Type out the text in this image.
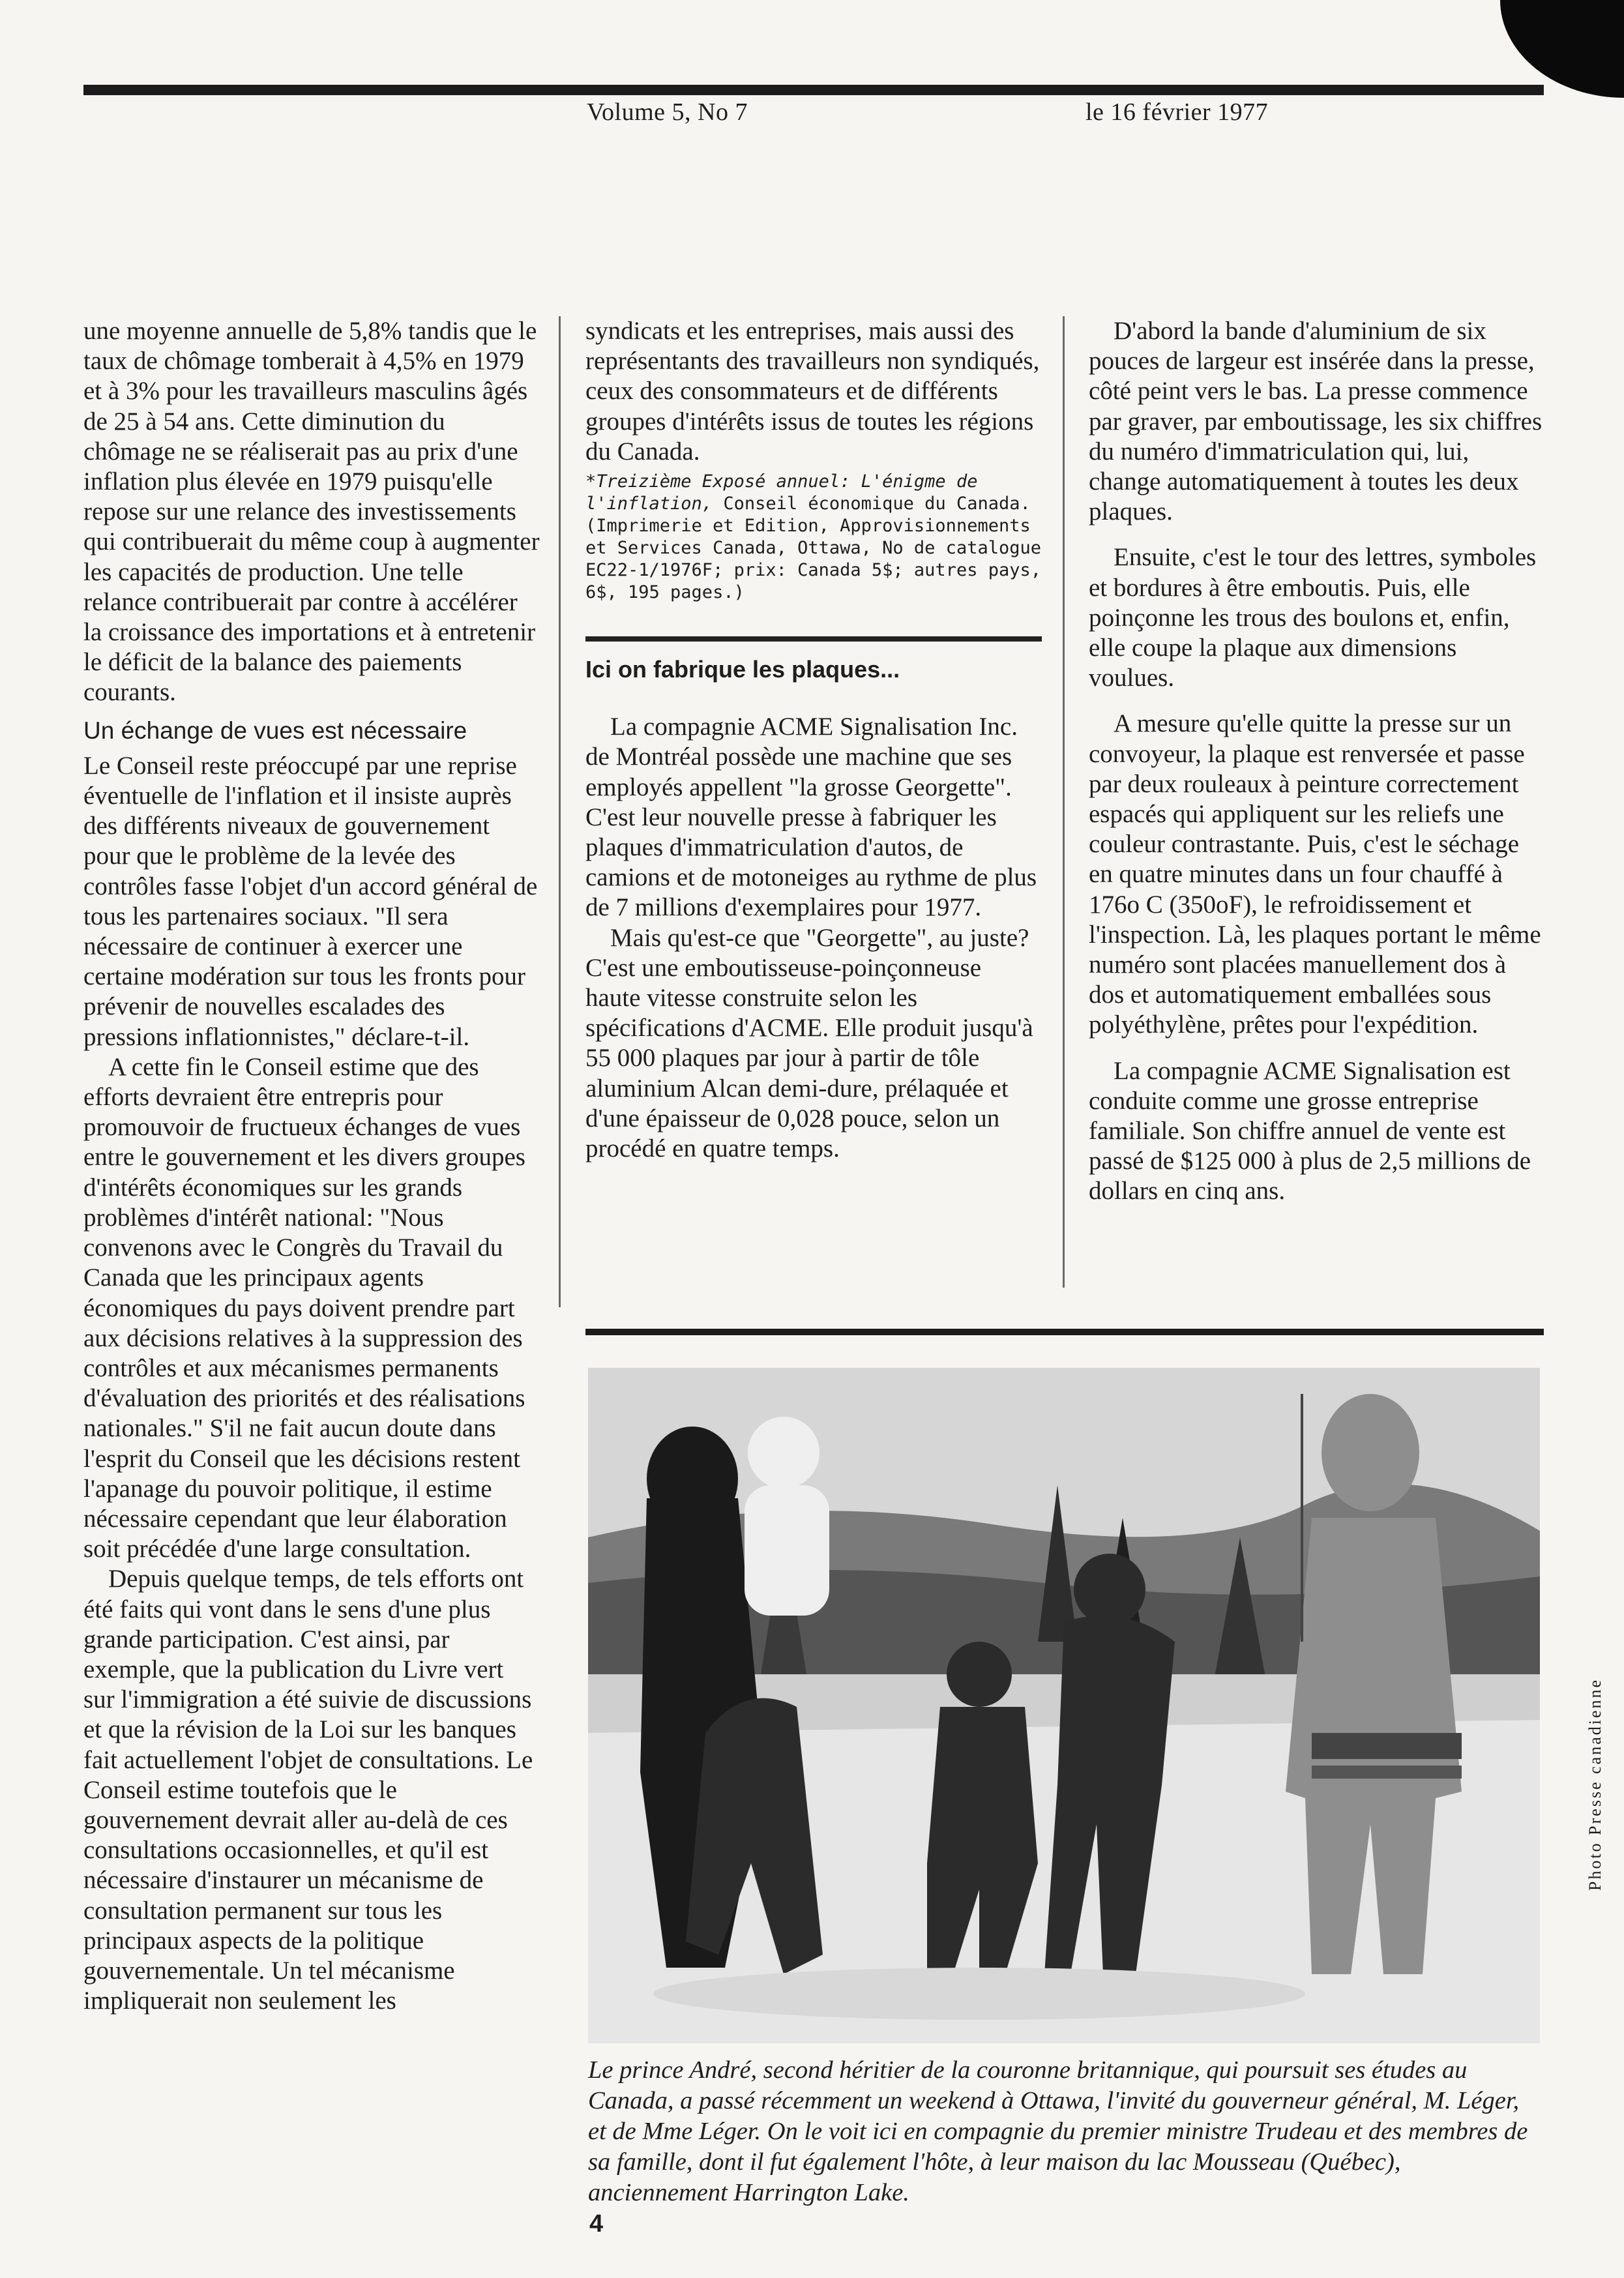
Volume 5, No 7	le 16 février 1977

une moyenne annuelle de 5,8% tandis que le taux de chômage tomberait à 4,5% en 1979 et à 3% pour les travailleurs masculins âgés de 25 à 54 ans. Cette diminution du chômage ne se réaliserait pas au prix d'une inflation plus élevée en 1979 puisqu'elle repose sur une relance des investissements qui contribuerait du même coup à augmenter les capacités de production. Une telle relance contribuerait par contre à accélérer la croissance des importations et à entretenir le déficit de la balance des paiements courants.

Un échange de vues est nécessaire

Le Conseil reste préoccupé par une reprise éventuelle de l'inflation et il insiste auprès des différents niveaux de gouvernement pour que le problème de la levée des contrôles fasse l'objet d'un accord général de tous les partenaires sociaux. "Il sera nécessaire de continuer à exercer une certaine modération sur tous les fronts pour prévenir de nouvelles escalades des pressions inflationnistes," déclare-t-il.

A cette fin le Conseil estime que des efforts devraient être entrepris pour promouvoir de fructueux échanges de vues entre le gouvernement et les divers groupes d'intérêts économiques sur les grands problèmes d'intérêt national: "Nous convenons avec le Congrès du Travail du Canada que les principaux agents économiques du pays doivent prendre part aux décisions relatives à la suppression des contrôles et aux mécanismes permanents d'évaluation des priorités et des réalisations nationales." S'il ne fait aucun doute dans l'esprit du Conseil que les décisions restent l'apanage du pouvoir politique, il estime nécessaire cependant que leur élaboration soit précédée d'une large consultation.

Depuis quelque temps, de tels efforts ont été faits qui vont dans le sens d'une plus grande participation. C'est ainsi, par exemple, que la publication du Livre vert sur l'immigration a été suivie de discussions et que la révision de la Loi sur les banques fait actuellement l'objet de consultations. Le Conseil estime toutefois que le gouvernement devrait aller au-delà de ces consultations occasionnelles, et qu'il est nécessaire d'instaurer un mécanisme de consultation permanent sur tous les principaux aspects de la politique gouvernementale. Un tel mécanisme impliquerait non seulement les

syndicats et les entreprises, mais aussi des représentants des travailleurs non syndiqués, ceux des consommateurs et de différents groupes d'intérêts issus de toutes les régions du Canada.

*Treizième Exposé annuel: L'énigme de l'inflation, Conseil économique du Canada. (Imprimerie et Edition, Approvisionnements et Services Canada, Ottawa, No de catalogue EC22-1/1976F; prix: Canada 5$; autres pays, 6$, 195 pages.)
Ici on fabrique les plaques...

La compagnie ACME Signalisation Inc. de Montréal possède une machine que ses employés appellent "la grosse Georgette". C'est leur nouvelle presse à fabriquer les plaques d'immatriculation d'autos, de camions et de motoneiges au rythme de plus de 7 millions d'exemplaires pour 1977.

Mais qu'est-ce que "Georgette", au juste? C'est une emboutisseuse-poinçonneuse haute vitesse construite selon les spécifications d'ACME. Elle produit jusqu'à 55 000 plaques par jour à partir de tôle aluminium Alcan demi-dure, prélaquée et d'une épaisseur de 0,028 pouce, selon un procédé en quatre temps.

D'abord la bande d'aluminium de six pouces de largeur est insérée dans la presse, côté peint vers le bas. La presse commence par graver, par emboutissage, les six chiffres du numéro d'immatriculation qui, lui, change automatiquement à toutes les deux plaques.

Ensuite, c'est le tour des lettres, symboles et bordures à être emboutis. Puis, elle poinçonne les trous des boulons et, enfin, elle coupe la plaque aux dimensions voulues.

A mesure qu'elle quitte la presse sur un convoyeur, la plaque est renversée et passe par deux rouleaux à peinture correctement espacés qui appliquent sur les reliefs une couleur contrastante. Puis, c'est le séchage en quatre minutes dans un four chauffé à 176o C (350oF), le refroidissement et l'inspection. Là, les plaques portant le même numéro sont placées manuellement dos à dos et automatiquement emballées sous polyéthylène, prêtes pour l'expédition.

La compagnie ACME Signalisation est conduite comme une grosse entreprise familiale. Son chiffre annuel de vente est passé de $125 000 à plus de 2,5 millions de dollars en cinq ans.

Photo Presse canadienne
Le prince André, second héritier de la couronne britannique, qui poursuit ses études au Canada, a passé récemment un weekend à Ottawa, l'invité du gouverneur général, M. Léger, et de Mme Léger. On le voit ici en compagnie du premier ministre Trudeau et des membres de sa famille, dont il fut également l'hôte, à leur maison du lac Mousseau (Québec), anciennement Harrington Lake.
4
